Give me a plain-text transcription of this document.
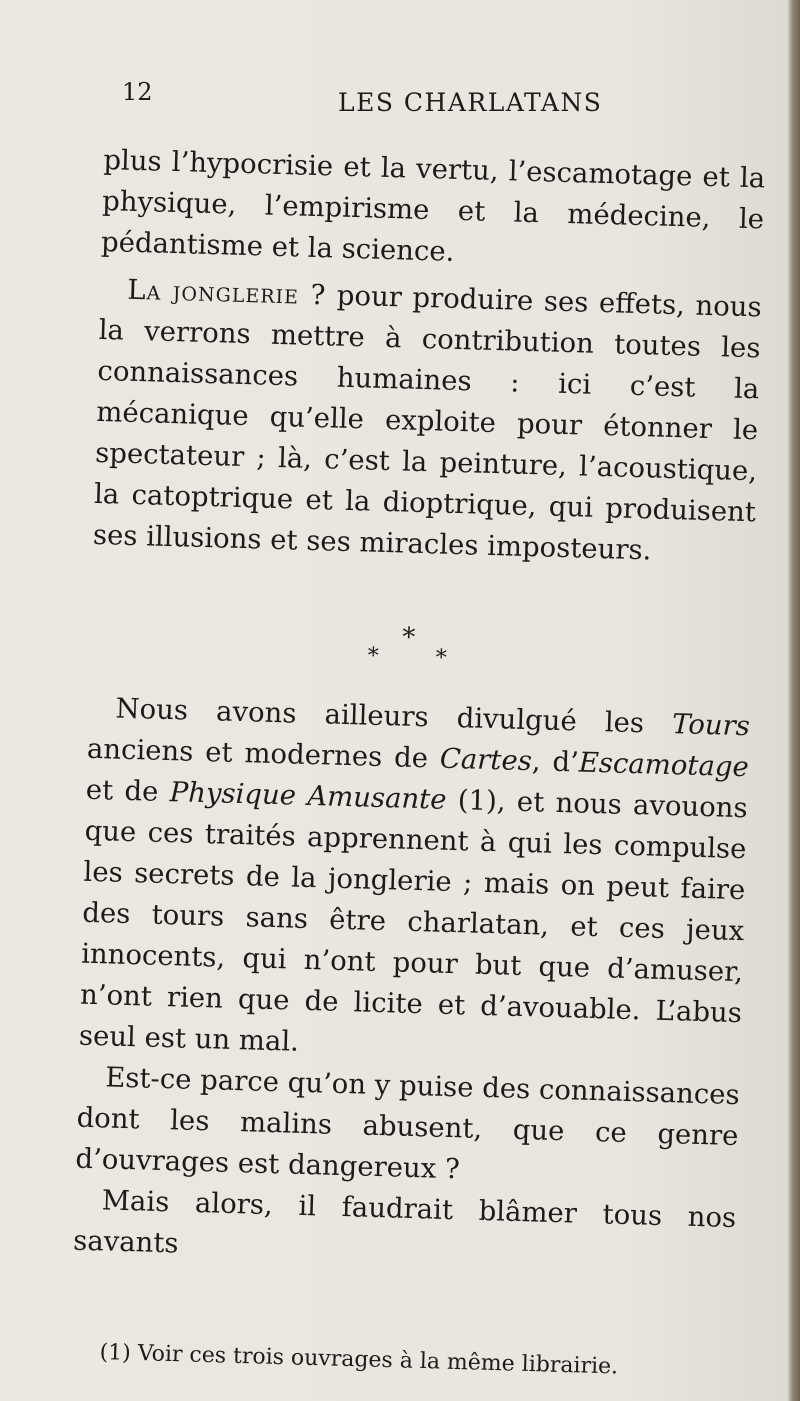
12	LES CHARLATANS

plus l’hypocrisie et la vertu, l’escamotage et la physique, l’empirisme et la médecine, le pédantisme et la science.

 La jonglerie ? pour produire ses effets, nous la verrons mettre à contribution toutes les connaissances humaines : ici c’est la mécanique qu’elle exploite pour étonner le spectateur ; là, c’est la peinture, l’acoustique, la catoptrique et la dioptrique, qui produisent ses illusions et ses miracles imposteurs.

*
*	*

 Nous avons ailleurs divulgué les Tours anciens et modernes de Cartes, d’Escamotage et de Physique Amusante (1), et nous avouons que ces traités apprennent à qui les compulse les secrets de la jonglerie ; mais on peut faire des tours sans être charlatan, et ces jeux innocents, qui n’ont pour but que d’amuser, n’ont rien que de licite et d’avouable. L’abus seul est un mal.

 Est-ce parce qu’on y puise des connaissances dont les malins abusent, que ce genre d’ouvrages est dangereux ?

 Mais alors, il faudrait blâmer tous nos savants

(1) Voir ces trois ouvrages à la même librairie.
